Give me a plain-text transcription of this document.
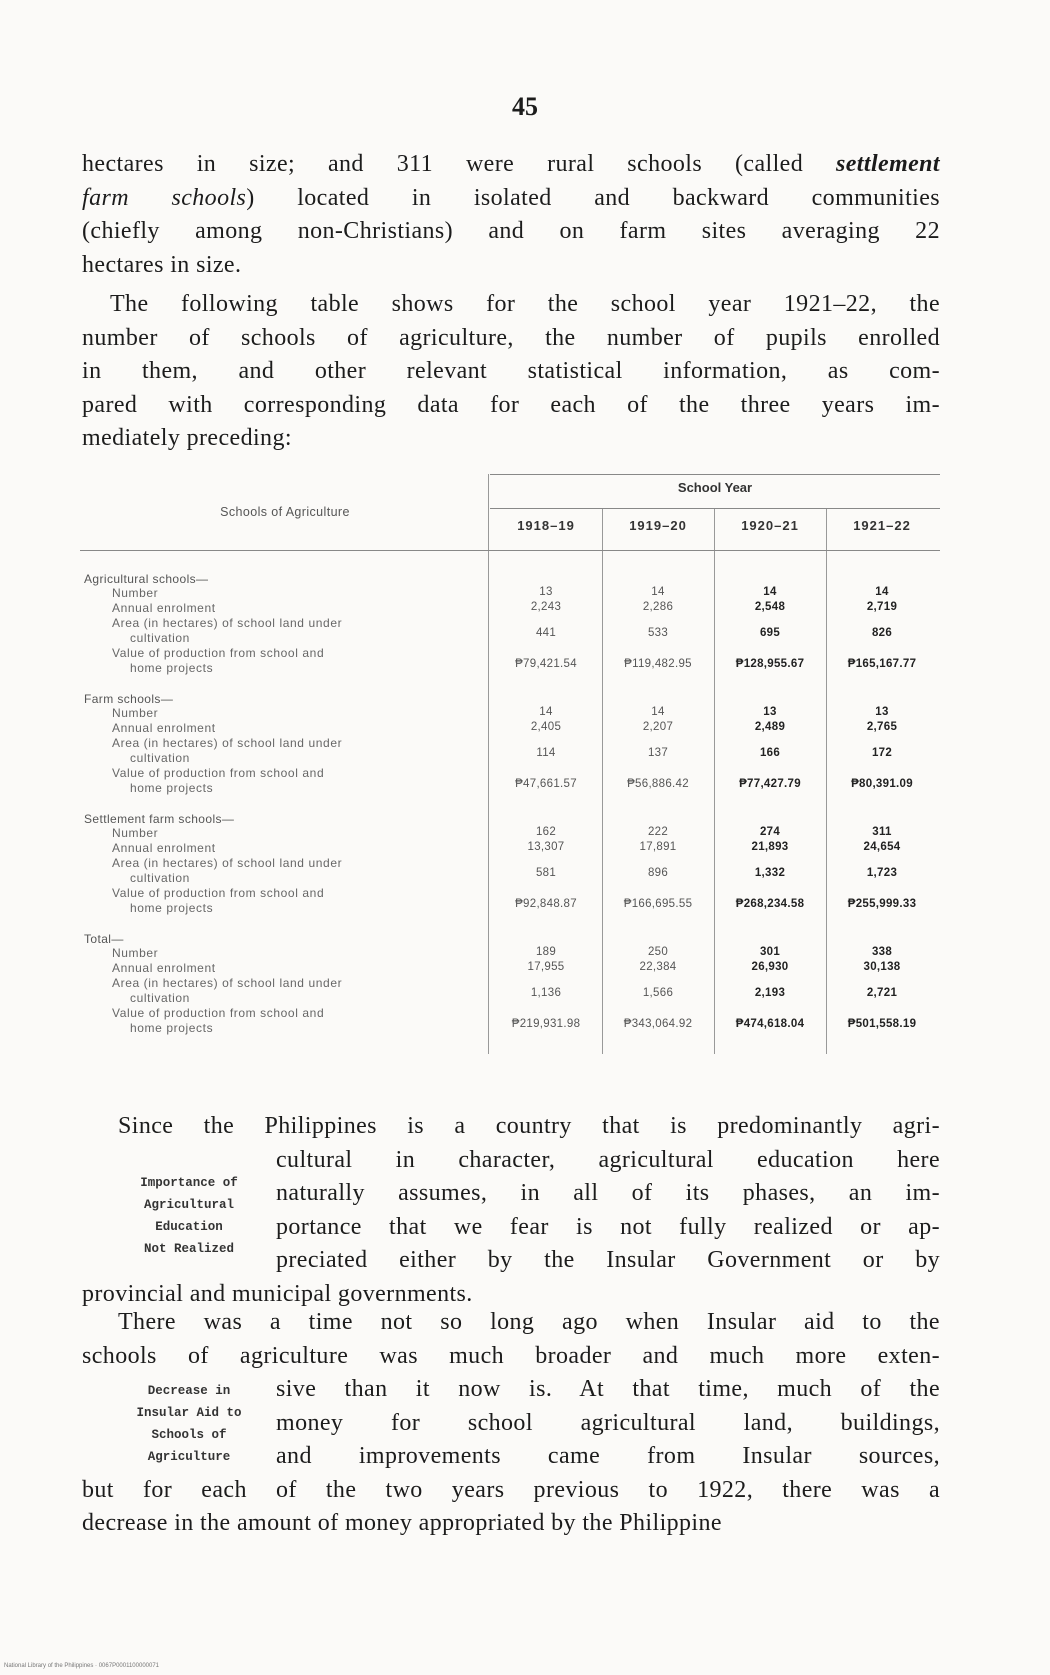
45
hectares in size; and 311 were rural schools (called settlement
farm schools) located in isolated and backward communities
(chiefly among non-Christians) and on farm sites averaging 22
hectares in size.
The following table shows for the school year 1921–22, the
number of schools of agriculture, the number of pupils enrolled
in them, and other relevant statistical information, as com-
pared with corresponding data for each of the three years im-
mediately preceding:
Schools of Agriculture
School Year
1918–19	1919–20	1920–21	1921–22
Agricultural schools—
Number	13	14	14	14
Annual enrolment	2,243	2,286	2,548	2,719
Area (in hectares) of school land under
cultivation	441	533	695	826
Value of production from school and
home projects	₱79,421.54	₱119,482.95	₱128,955.67	₱165,167.77
Farm schools—
Number	14	14	13	13
Annual enrolment	2,405	2,207	2,489	2,765
Area (in hectares) of school land under
cultivation	114	137	166	172
Value of production from school and
home projects	₱47,661.57	₱56,886.42	₱77,427.79	₱80,391.09
Settlement farm schools—
Number	162	222	274	311
Annual enrolment	13,307	17,891	21,893	24,654
Area (in hectares) of school land under
cultivation	581	896	1,332	1,723
Value of production from school and
home projects	₱92,848.87	₱166,695.55	₱268,234.58	₱255,999.33
Total—
Number	189	250	301	338
Annual enrolment	17,955	22,384	26,930	30,138
Area (in hectares) of school land under
cultivation	1,136	1,566	2,193	2,721
Value of production from school and
home projects	₱219,931.98	₱343,064.92	₱474,618.04	₱501,558.19
Since the Philippines is a country that is predominantly agri-
cultural in character, agricultural education here
naturally assumes, in all of its phases, an im-
portance that we fear is not fully realized or ap-
preciated either by the Insular Government or by
provincial and municipal governments.
Importance of
Agricultural
Education
Not Realized
There was a time not so long ago when Insular aid to the
schools of agriculture was much broader and much more exten-
sive than it now is. At that time, much of the
money for school agricultural land, buildings,
and improvements came from Insular sources,
but for each of the two years previous to 1922, there was a
decrease in the amount of money appropriated by the Philippine
Decrease in
Insular Aid to
Schools of
Agriculture
National Library of the Philippines · 0067P0001100000071
